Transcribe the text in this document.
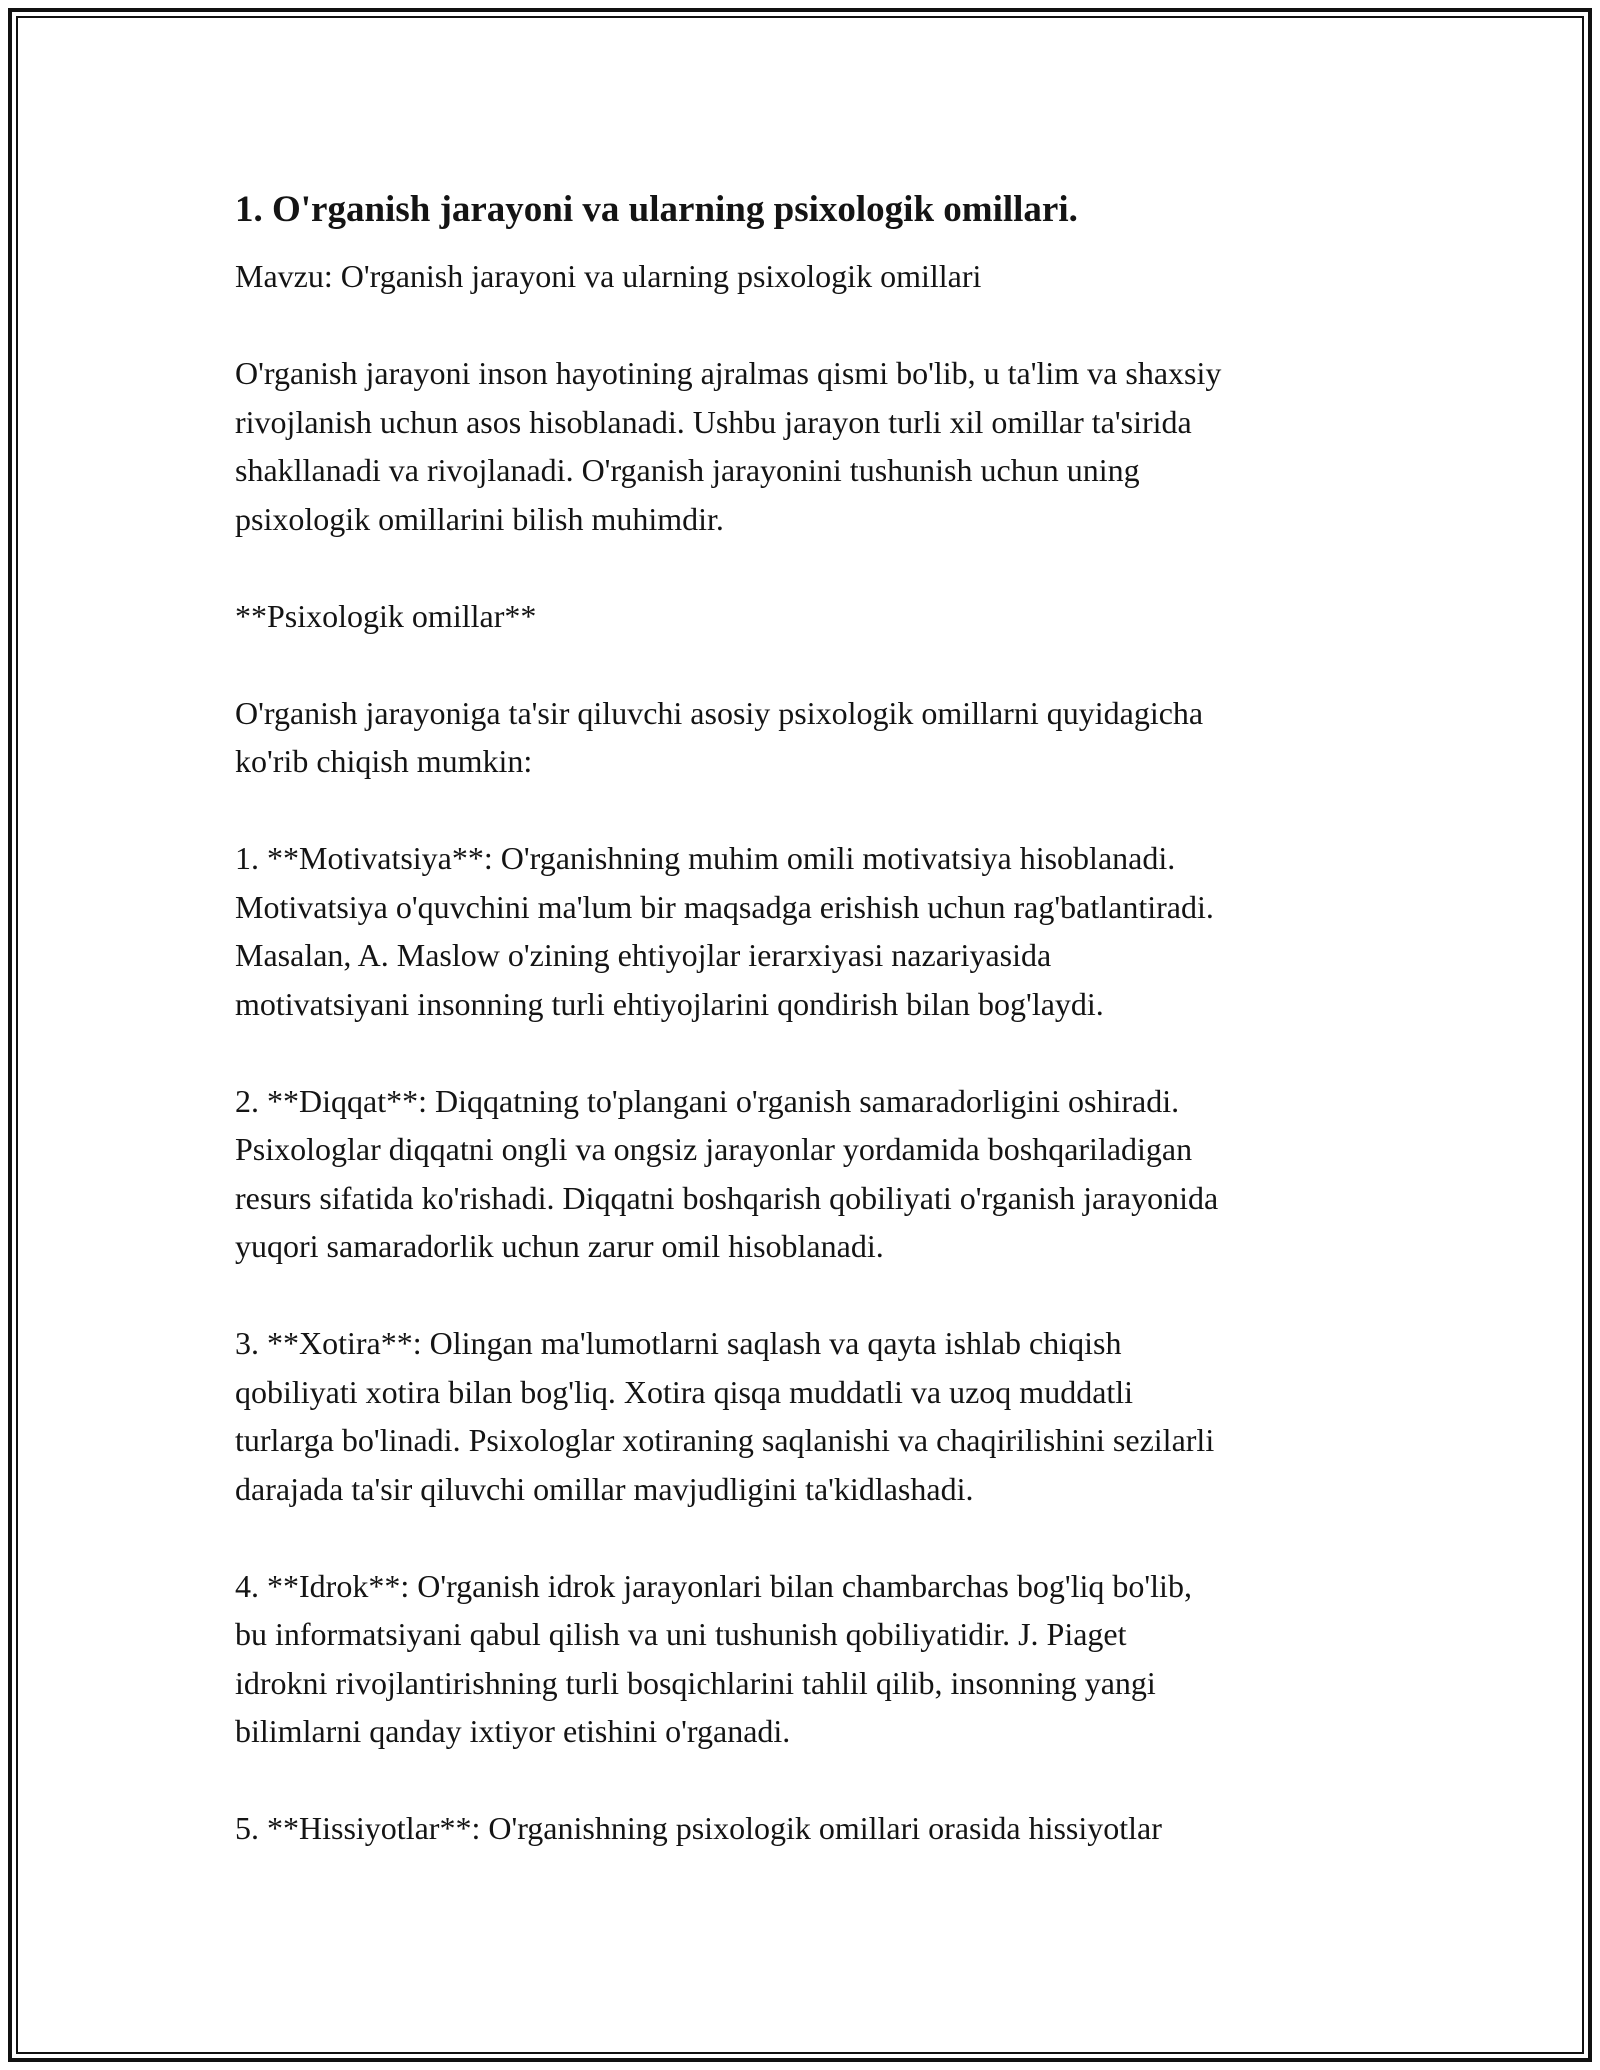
1. O'rganish jarayoni va ularning psixologik omillari.

Mavzu: O'rganish jarayoni va ularning psixologik omillari

O'rganish jarayoni inson hayotining ajralmas qismi bo'lib, u ta'lim va shaxsiy
rivojlanish uchun asos hisoblanadi. Ushbu jarayon turli xil omillar ta'sirida
shakllanadi va rivojlanadi. O'rganish jarayonini tushunish uchun uning
psixologik omillarini bilish muhimdir.

**Psixologik omillar**

O'rganish jarayoniga ta'sir qiluvchi asosiy psixologik omillarni quyidagicha
ko'rib chiqish mumkin:

1. **Motivatsiya**: O'rganishning muhim omili motivatsiya hisoblanadi.
Motivatsiya o'quvchini ma'lum bir maqsadga erishish uchun rag'batlantiradi.
Masalan, A. Maslow o'zining ehtiyojlar ierarxiyasi nazariyasida
motivatsiyani insonning turli ehtiyojlarini qondirish bilan bog'laydi.

2. **Diqqat**: Diqqatning to'plangani o'rganish samaradorligini oshiradi.
Psixologlar diqqatni ongli va ongsiz jarayonlar yordamida boshqariladigan
resurs sifatida ko'rishadi. Diqqatni boshqarish qobiliyati o'rganish jarayonida
yuqori samaradorlik uchun zarur omil hisoblanadi.

3. **Xotira**: Olingan ma'lumotlarni saqlash va qayta ishlab chiqish
qobiliyati xotira bilan bog'liq. Xotira qisqa muddatli va uzoq muddatli
turlarga bo'linadi. Psixologlar xotiraning saqlanishi va chaqirilishini sezilarli
darajada ta'sir qiluvchi omillar mavjudligini ta'kidlashadi.

4. **Idrok**: O'rganish idrok jarayonlari bilan chambarchas bog'liq bo'lib,
bu informatsiyani qabul qilish va uni tushunish qobiliyatidir. J. Piaget
idrokni rivojlantirishning turli bosqichlarini tahlil qilib, insonning yangi
bilimlarni qanday ixtiyor etishini o'rganadi.

5. **Hissiyotlar**: O'rganishning psixologik omillari orasida hissiyotlar
